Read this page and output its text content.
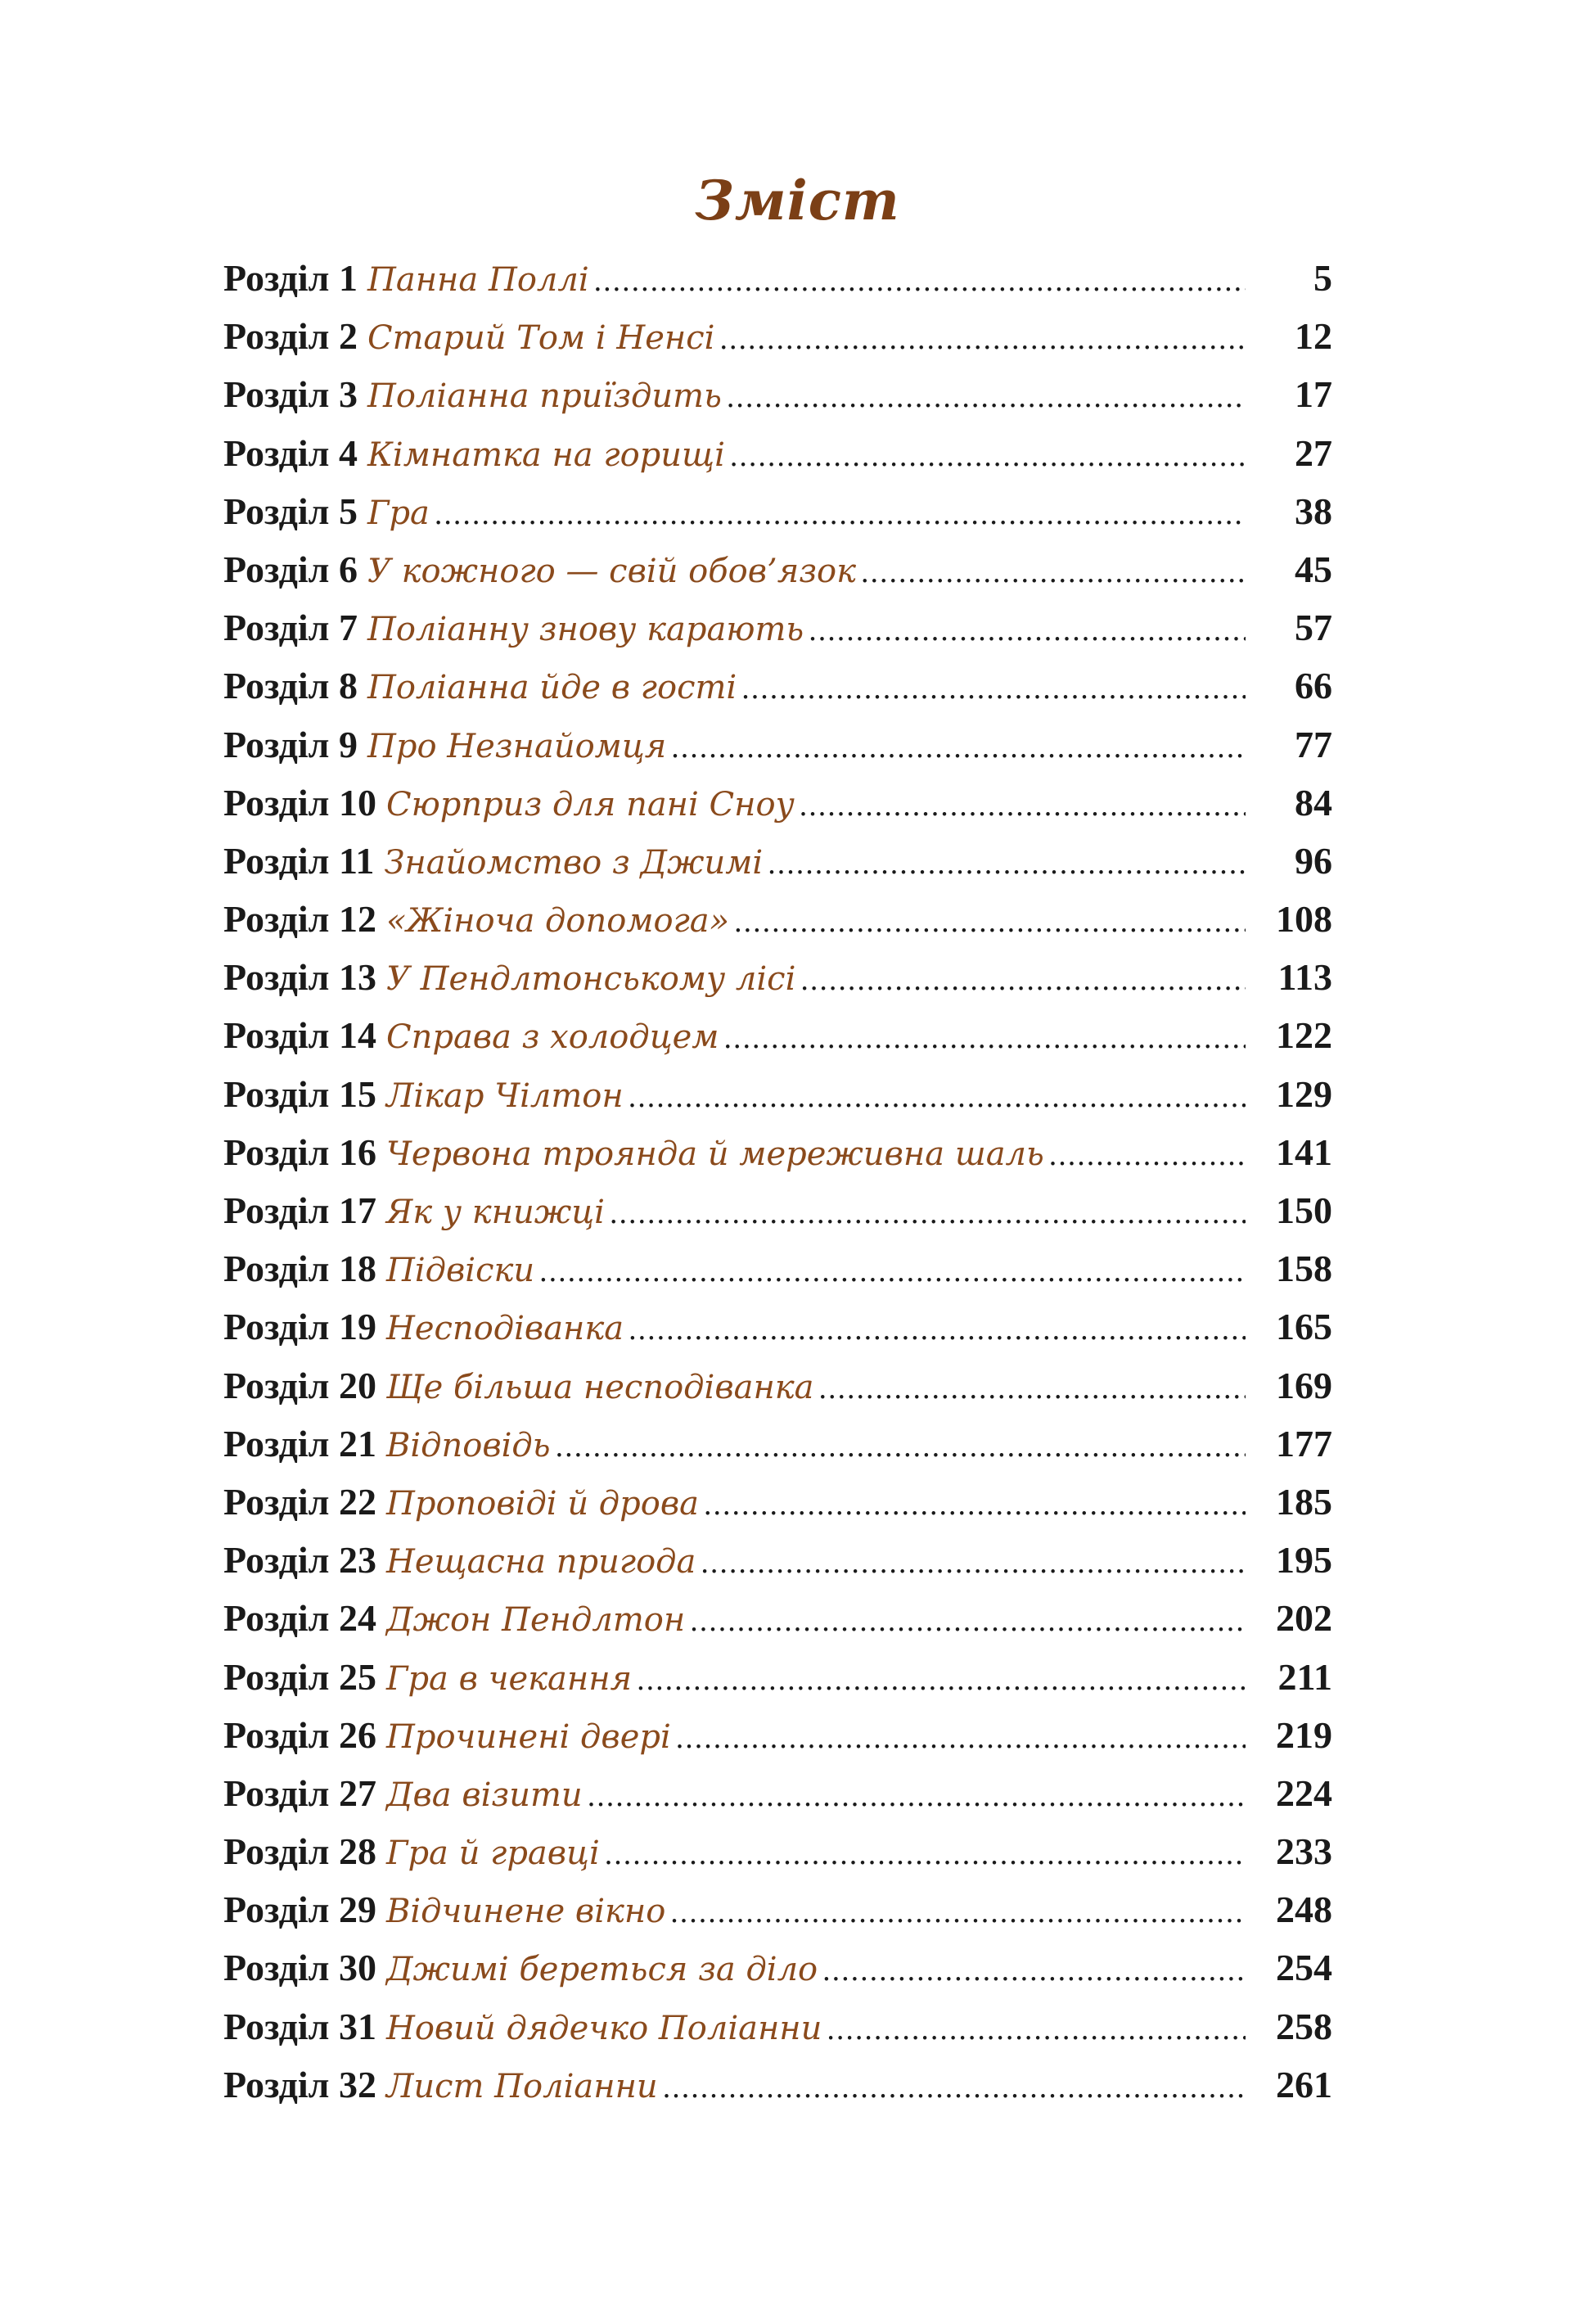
Зміст
Розділ 1 Панна Поллі .....	5
Розділ 2 Старий Том і Ненсі .....	12
Розділ 3 Поліанна приїздить .....	17
Розділ 4 Кімнатка на горищі .....	27
Розділ 5 Гра .....	38
Розділ 6 У кожного — свій обов’язок .....	45
Розділ 7 Поліанну знову карають .....	57
Розділ 8 Поліанна йде в гості .....	66
Розділ 9 Про Незнайомця .....	77
Розділ 10 Сюрприз для пані Сноу .....	84
Розділ 11 Знайомство з Джимі .....	96
Розділ 12 «Жіноча допомога» .....	108
Розділ 13 У Пендлтонському лісі .....	113
Розділ 14 Справа з холодцем .....	122
Розділ 15 Лікар Чілтон .....	129
Розділ 16 Червона троянда й мереживна шаль .....	141
Розділ 17 Як у книжці .....	150
Розділ 18 Підвіски .....	158
Розділ 19 Несподіванка .....	165
Розділ 20 Ще більша несподіванка .....	169
Розділ 21 Відповідь .....	177
Розділ 22 Проповіді й дрова .....	185
Розділ 23 Нещасна пригода .....	195
Розділ 24 Джон Пендлтон .....	202
Розділ 25 Гра в чекання .....	211
Розділ 26 Прочинені двері .....	219
Розділ 27 Два візити .....	224
Розділ 28 Гра й гравці .....	233
Розділ 29 Відчинене вікно .....	248
Розділ 30 Джимі береться за діло .....	254
Розділ 31 Новий дядечко Поліанни .....	258
Розділ 32 Лист Поліанни .....	261
